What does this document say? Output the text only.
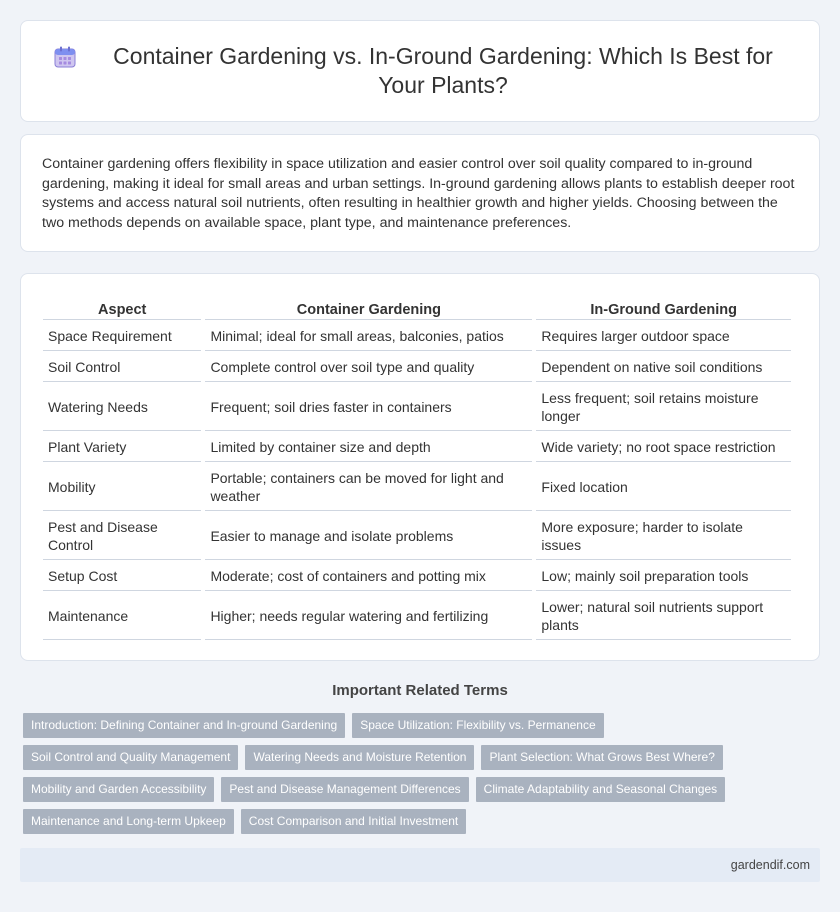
Container Gardening vs. In-Ground Gardening: Which Is Best for Your Plants?

Container gardening offers flexibility in space utilization and easier control over soil quality compared to in-ground gardening, making it ideal for small areas and urban settings. In-ground gardening allows plants to establish deeper root systems and access natural soil nutrients, often resulting in healthier growth and higher yields. Choosing between the two methods depends on available space, plant type, and maintenance preferences.

Aspect	Container Gardening	In-Ground Gardening
Space Requirement	Minimal; ideal for small areas, balconies, patios	Requires larger outdoor space
Soil Control	Complete control over soil type and quality	Dependent on native soil conditions
Watering Needs	Frequent; soil dries faster in containers	Less frequent; soil retains moisture longer
Plant Variety	Limited by container size and depth	Wide variety; no root space restriction
Mobility	Portable; containers can be moved for light and weather	Fixed location
Pest and Disease Control	Easier to manage and isolate problems	More exposure; harder to isolate issues
Setup Cost	Moderate; cost of containers and potting mix	Low; mainly soil preparation tools
Maintenance	Higher; needs regular watering and fertilizing	Lower; natural soil nutrients support plants
Important Related Terms
Introduction: Defining Container and In-ground Gardening	Space Utilization: Flexibility vs. Permanence
Soil Control and Quality Management	Watering Needs and Moisture Retention	Plant Selection: What Grows Best Where?
Mobility and Garden Accessibility	Pest and Disease Management Differences	Climate Adaptability and Seasonal Changes
Maintenance and Long-term Upkeep	Cost Comparison and Initial Investment
gardendif.com
